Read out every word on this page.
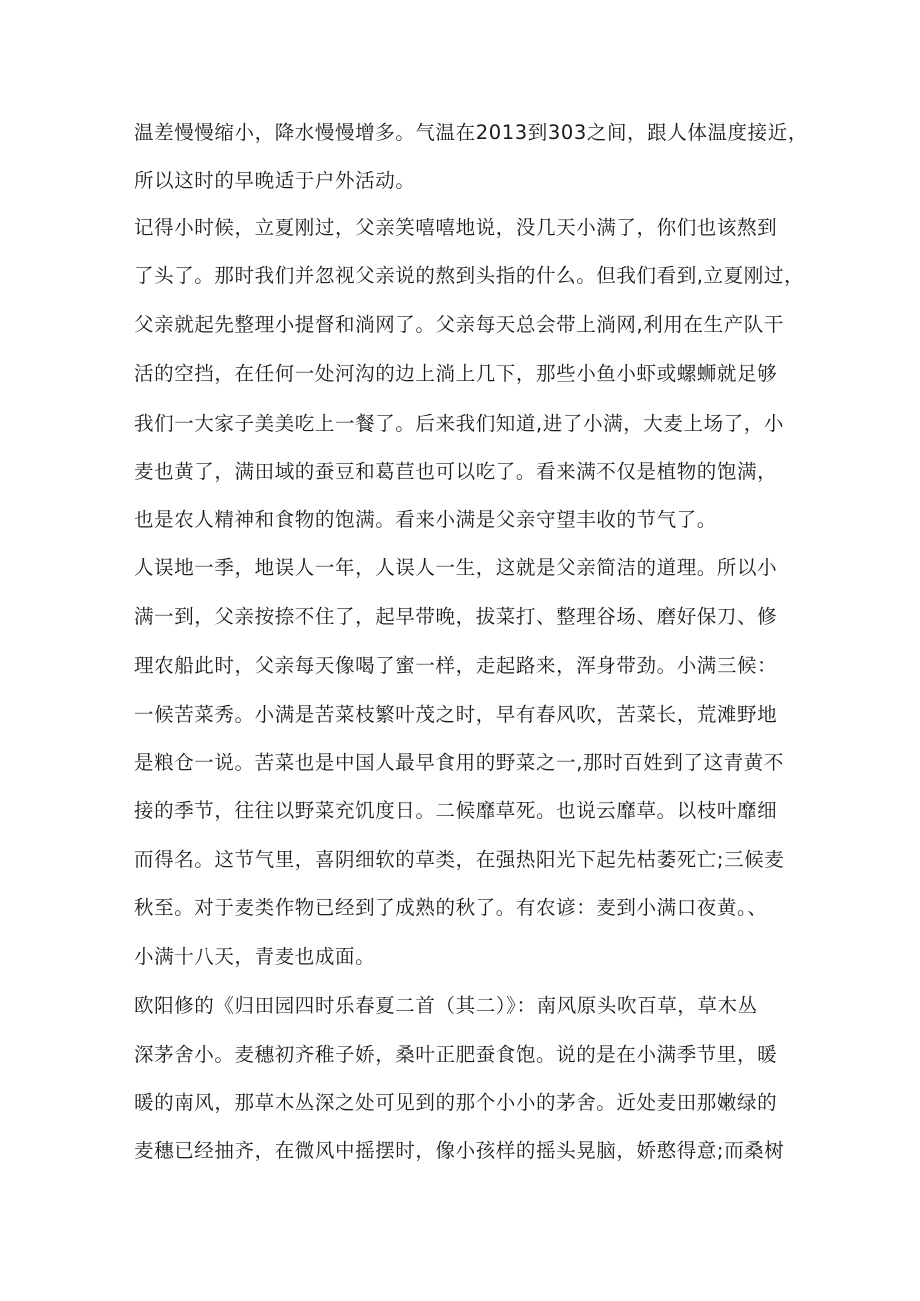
温差慢慢缩小，降水慢慢增多。气温在2013到303之间，跟人体温度接近，
所以这时的早晚适于户外活动。
记得小时候，立夏刚过，父亲笑嘻嘻地说，没几天小满了，你们也该熬到
了头了。那时我们并忽视父亲说的熬到头指的什么。但我们看到,立夏刚过，
父亲就起先整理小提督和淌网了。父亲每天总会带上淌网,利用在生产队干
活的空挡，在任何一处河沟的边上淌上几下，那些小鱼小虾或螺蛳就足够
我们一大家子美美吃上一餐了。后来我们知道,进了小满，大麦上场了，小
麦也黄了，满田域的蚕豆和葛苣也可以吃了。看来满不仅是植物的饱满，
也是农人精神和食物的饱满。看来小满是父亲守望丰收的节气了。
人误地一季，地误人一年，人误人一生，这就是父亲简洁的道理。所以小
满一到，父亲按捺不住了，起早带晚，拔菜打、整理谷场、磨好保刀、修
理农船此时，父亲每天像喝了蜜一样，走起路来，浑身带劲。小满三候：
一候苦菜秀。小满是苦菜枝繁叶茂之时，早有春风吹，苦菜长，荒滩野地
是粮仓一说。苦菜也是中国人最早食用的野菜之一,那时百姓到了这青黄不
接的季节，往往以野菜充饥度日。二候靡草死。也说云靡草。以枝叶靡细
而得名。这节气里，喜阴细软的草类，在强热阳光下起先枯萎死亡;三候麦
秋至。对于麦类作物已经到了成熟的秋了。有农谚：麦到小满口夜黄。、
小满十八天，青麦也成面。
欧阳修的《归田园四时乐春夏二首（其二）》：南风原头吹百草，草木丛
深茅舍小。麦穗初齐稚子娇，桑叶正肥蚕食饱。说的是在小满季节里，暖
暖的南风，那草木丛深之处可见到的那个小小的茅舍。近处麦田那嫩绿的
麦穗已经抽齐，在微风中摇摆时，像小孩样的摇头晃脑，娇憨得意;而桑树
